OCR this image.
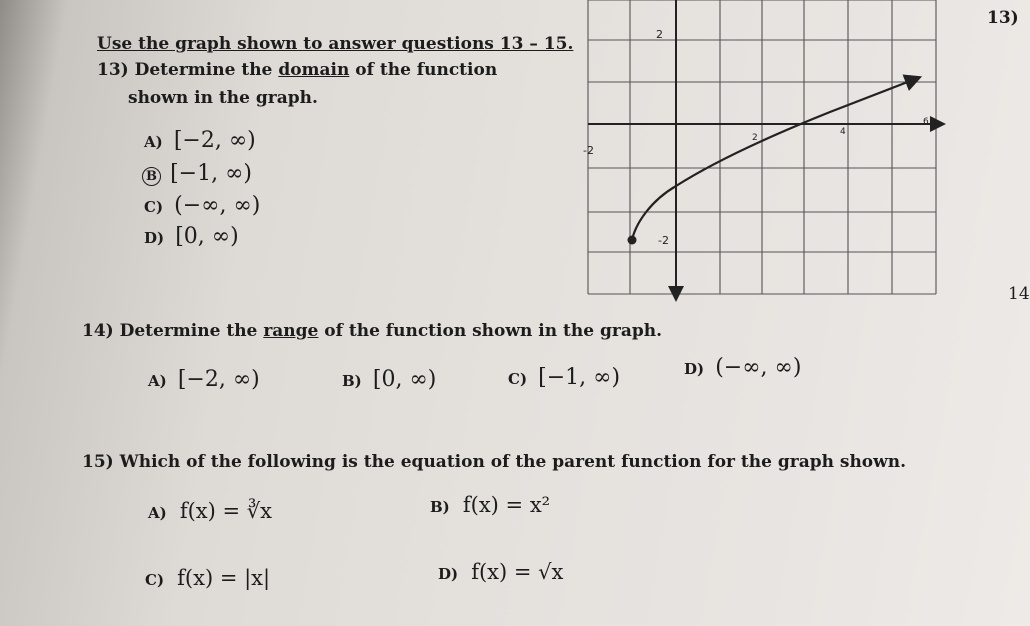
Use the graph shown to answer questions 13 – 15.
13) Determine the domain of the function
shown in the graph.
A) [−2, ∞)
B [−1, ∞)
C) (−∞, ∞)
D) [0, ∞)
13)
14
2
-2
-2
2
4
6
14) Determine the range of the function shown in the graph.
A) [−2, ∞)	B) [0, ∞)	C) [−1, ∞)	D) (−∞, ∞)
15) Which of the following is the equation of the parent function for the graph shown.
A) f(x) = ∛x	B) f(x) = x²
C) f(x) = |x|	D) f(x) = √x
